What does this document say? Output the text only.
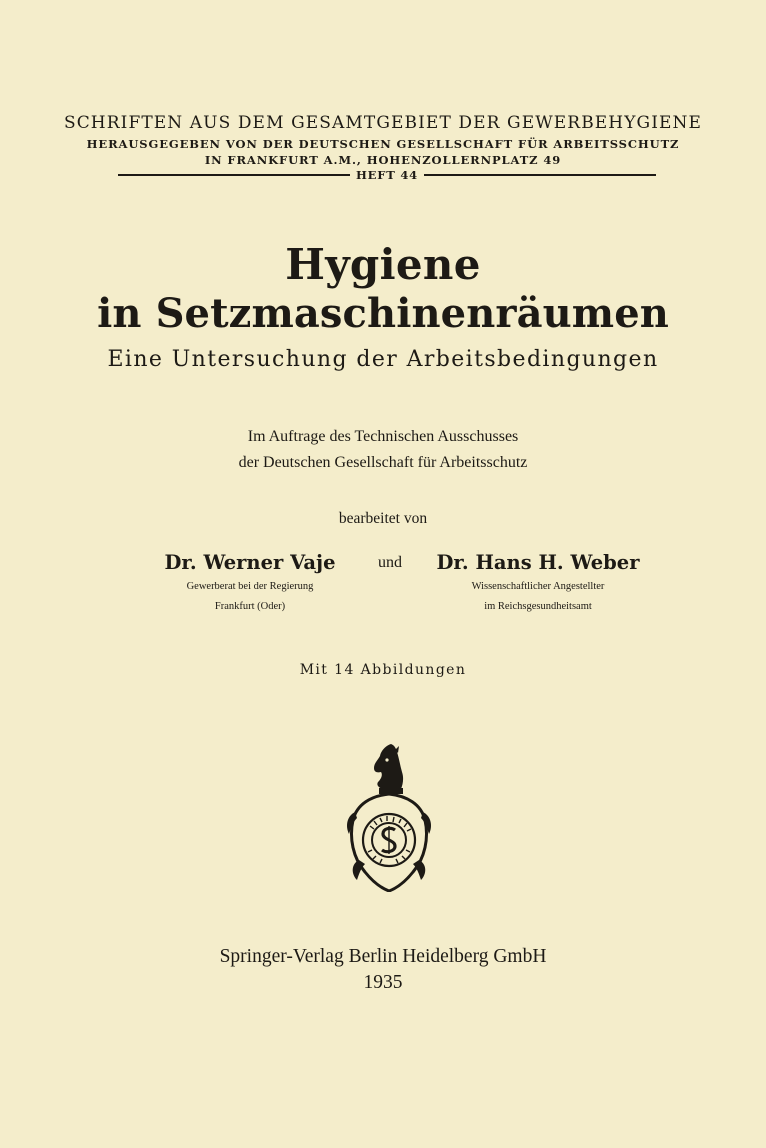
SCHRIFTEN AUS DEM GESAMTGEBIET DER GEWERBEHYGIENE
HERAUSGEGEBEN VON DER DEUTSCHEN GESELLSCHAFT FÜR ARBEITSSCHUTZ
IN FRANKFURT A.M., HOHENZOLLERNPLATZ 49
HEFT 44
Hygiene
in Setzmaschinenräumen
Eine Untersuchung der Arbeitsbedingungen
Im Auftrage des Technischen Ausschusses
der Deutschen Gesellschaft für Arbeitsschutz
bearbeitet von
Dr. Werner Vaje
Gewerberat bei der Regierung
Frankfurt (Oder)
und	Dr. Hans H. Weber
Wissenschaftlicher Angestellter
im Reichsgesundheitsamt
Mit 14 Abbildungen
Springer-Verlag Berlin Heidelberg GmbH
1935
